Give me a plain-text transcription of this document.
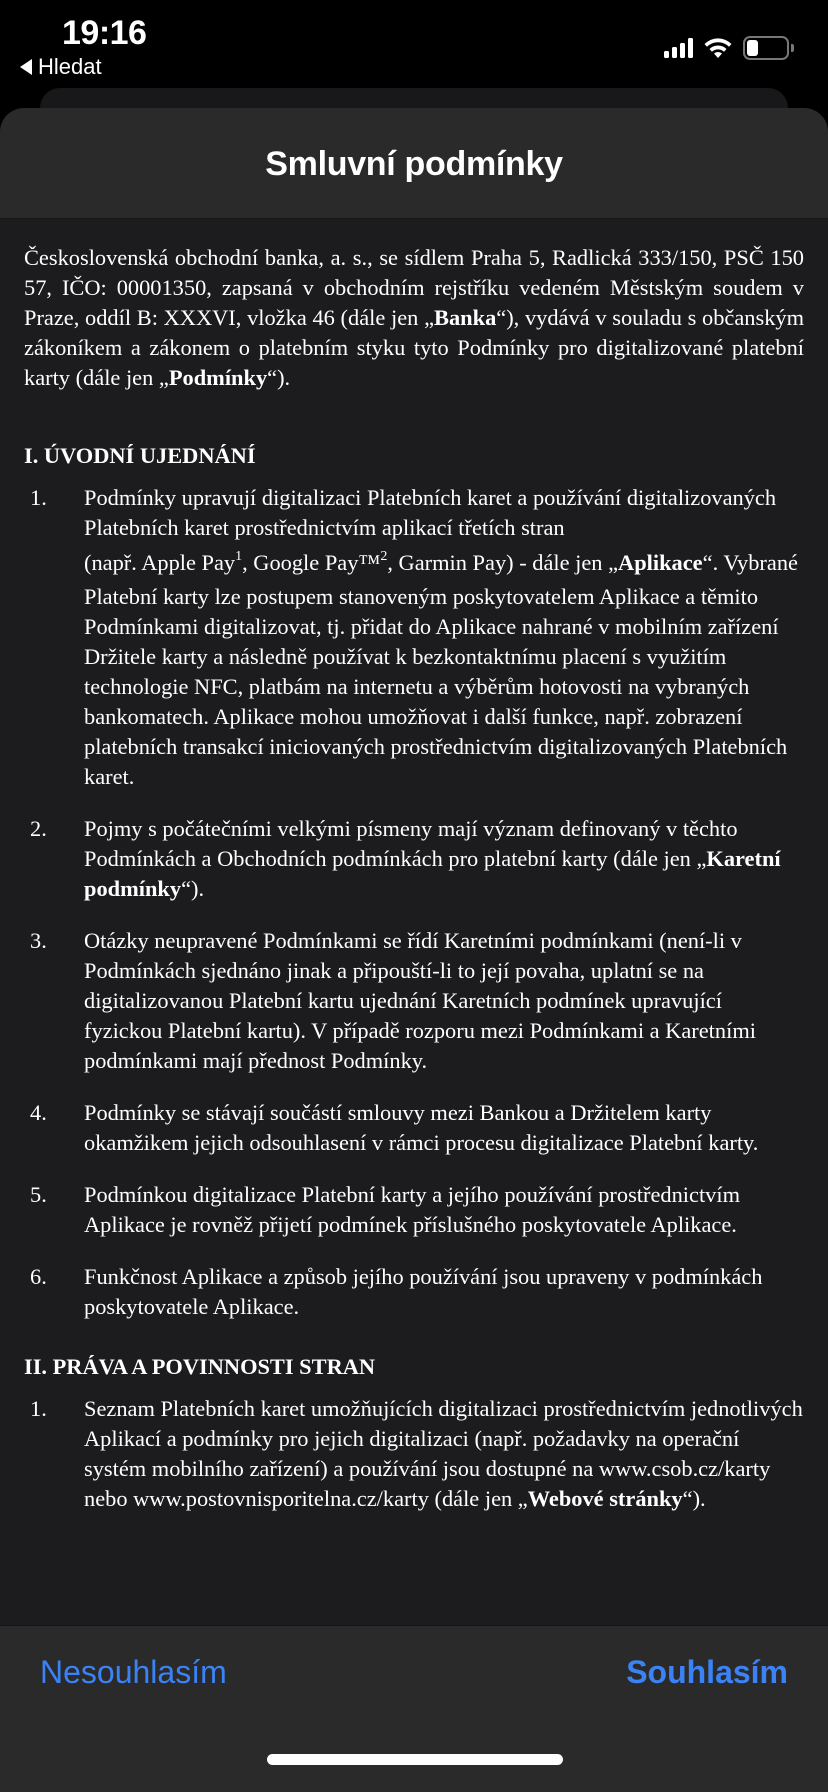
19:16
Hledat
Smluvní podmínky

Československá obchodní banka, a. s., se sídlem Praha 5, Radlická 333/150, PSČ 150 57, IČO: 00001350, zapsaná v obchodním rejstříku vedeném Městským soudem v Praze, oddíl B: XXXVI, vložka 46 (dále jen „Banka“), vydává v souladu s občanským zákoníkem a zákonem o platebním styku tyto Podmínky pro digitalizované platební karty (dále jen „Podmínky“).

I. ÚVODNÍ UJEDNÁNÍ
1.	Podmínky upravují digitalizaci Platebních karet a používání digitalizovaných Platebních karet prostřednictvím aplikací třetích stran (např. Apple Pay$^1$, Google Pay™$^2$, Garmin Pay) - dále jen „Aplikace“. Vybrané Platební karty lze postupem stanoveným poskytovatelem Aplikace a těmito Podmínkami digitalizovat, tj. přidat do Aplikace nahrané v mobilním zařízení Držitele karty a následně používat k bezkontaktnímu placení s využitím technologie NFC, platbám na internetu a výběrům hotovosti na vybraných bankomatech. Aplikace mohou umožňovat i další funkce, např. zobrazení platebních transakcí iniciovaných prostřednictvím digitalizovaných Platebních karet.
2.	Pojmy s počátečními velkými písmeny mají význam definovaný v těchto Podmínkách a Obchodních podmínkách pro platební karty (dále jen „Karetní podmínky“).
3.	Otázky neupravené Podmínkami se řídí Karetními podmínkami (není-li v Podmínkách sjednáno jinak a připouští-li to její povaha, uplatní se na digitalizovanou Platební kartu ujednání Karetních podmínek upravující fyzickou Platební kartu). V případě rozporu mezi Podmínkami a Karetními podmínkami mají přednost Podmínky.
4.	Podmínky se stávají součástí smlouvy mezi Bankou a Držitelem karty okamžikem jejich odsouhlasení v rámci procesu digitalizace Platební karty.
5.	Podmínkou digitalizace Platební karty a jejího používání prostřednictvím Aplikace je rovněž přijetí podmínek příslušného poskytovatele Aplikace.
6.	Funkčnost Aplikace a způsob jejího používání jsou upraveny v podmínkách poskytovatele Aplikace.
II. PRÁVA A POVINNOSTI STRAN
1.	Seznam Platebních karet umožňujících digitalizaci prostřednictvím jednotlivých Aplikací a podmínky pro jejich digitalizaci (např. požadavky na operační systém mobilního zařízení) a používání jsou dostupné na www.csob.cz/karty nebo www.postovnisporitelna.cz/karty (dále jen „Webové stránky“).
Nesouhlasím	Souhlasím
